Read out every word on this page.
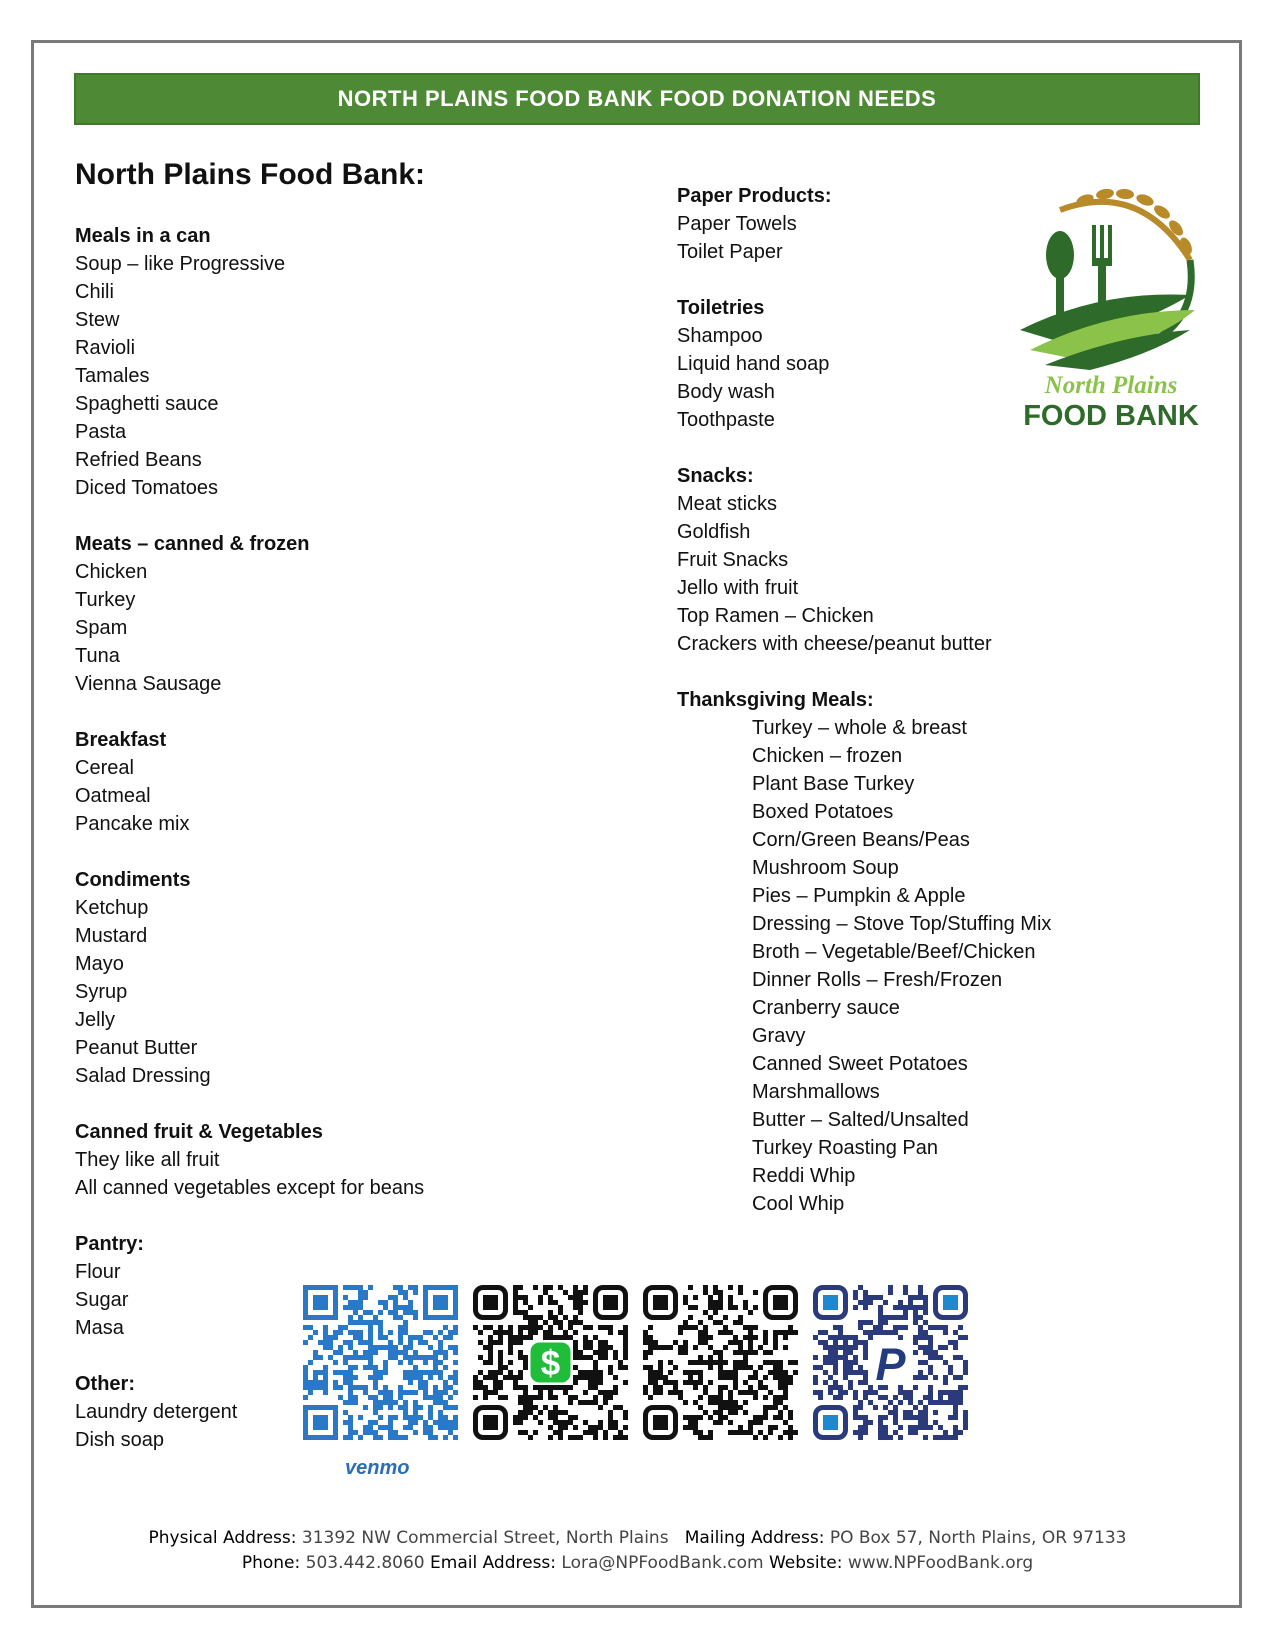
NORTH PLAINS FOOD BANK FOOD DONATION NEEDS
North Plains Food Bank:
Meals in a can
Soup – like Progressive
Chili
Stew
Ravioli
Tamales
Spaghetti sauce
Pasta
Refried Beans
Diced Tomatoes
Meats – canned & frozen
Chicken
Turkey
Spam
Tuna
Vienna Sausage
Breakfast
Cereal
Oatmeal
Pancake mix
Condiments
Ketchup
Mustard
Mayo
Syrup
Jelly
Peanut Butter
Salad Dressing
Canned fruit & Vegetables
They like all fruit
All canned vegetables except for beans
Pantry:
Flour
Sugar
Masa
Other:
Laundry detergent
Dish soap
Paper Products:
Paper Towels
Toilet Paper
Toiletries
Shampoo
Liquid hand soap
Body wash
Toothpaste
Snacks:
Meat sticks
Goldfish
Fruit Snacks
Jello with fruit
Top Ramen – Chicken
Crackers with cheese/peanut butter
Thanksgiving Meals:
Turkey – whole & breast
Chicken – frozen
Plant Base Turkey
Boxed Potatoes
Corn/Green Beans/Peas
Mushroom Soup
Pies – Pumpkin & Apple
Dressing – Stove Top/Stuffing Mix
Broth – Vegetable/Beef/Chicken
Dinner Rolls – Fresh/Frozen
Cranberry sauce
Gravy
Canned Sweet Potatoes
Marshmallows
Butter – Salted/Unsalted
Turkey Roasting Pan
Reddi Whip
Cool Whip
North Plains
FOOD BANK
$	P
venmo
Physical Address: 31392 NW Commercial Street, North Plains Mailing Address: PO Box 57, North Plains, OR 97133
Phone: 503.442.8060 Email Address: Lora@NPFoodBank.com Website: www.NPFoodBank.org
